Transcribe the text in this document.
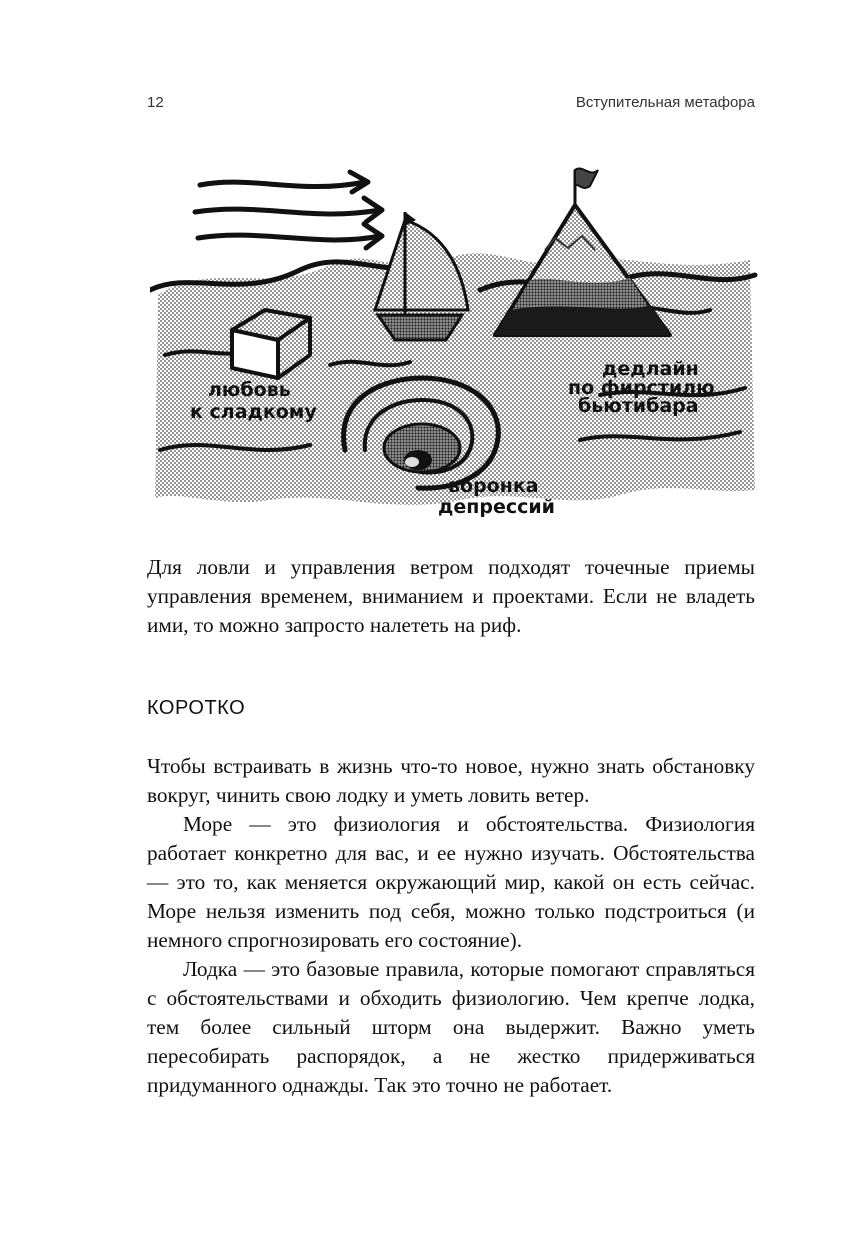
12	Вступительная метафора
любовь
к сладкому
дедлайн
по фирстилю
бьютибара
воронка
депрессий

Для ловли и управления ветром подходят точечные приемы управления временем, вниманием и проектами. Если не владеть ими, то можно запросто налететь на риф.

КОРОТКО

Чтобы встраивать в жизнь что-то новое, нужно знать обстановку вокруг, чинить свою лодку и уметь ловить ветер.

Море — это физиология и обстоятельства. Физиология работает конкретно для вас, и ее нужно изучать. Обстоятельства — это то, как меняется окружающий мир, какой он есть сейчас. Море нельзя изменить под себя, можно только подстроиться (и немного спрогнозировать его состояние).

Лодка — это базовые правила, которые помогают справляться с обстоятельствами и обходить физиологию. Чем крепче лодка, тем более сильный шторм она выдержит. Важно уметь пересобирать распорядок, а не жестко придерживаться придуманного однажды. Так это точно не работает.
